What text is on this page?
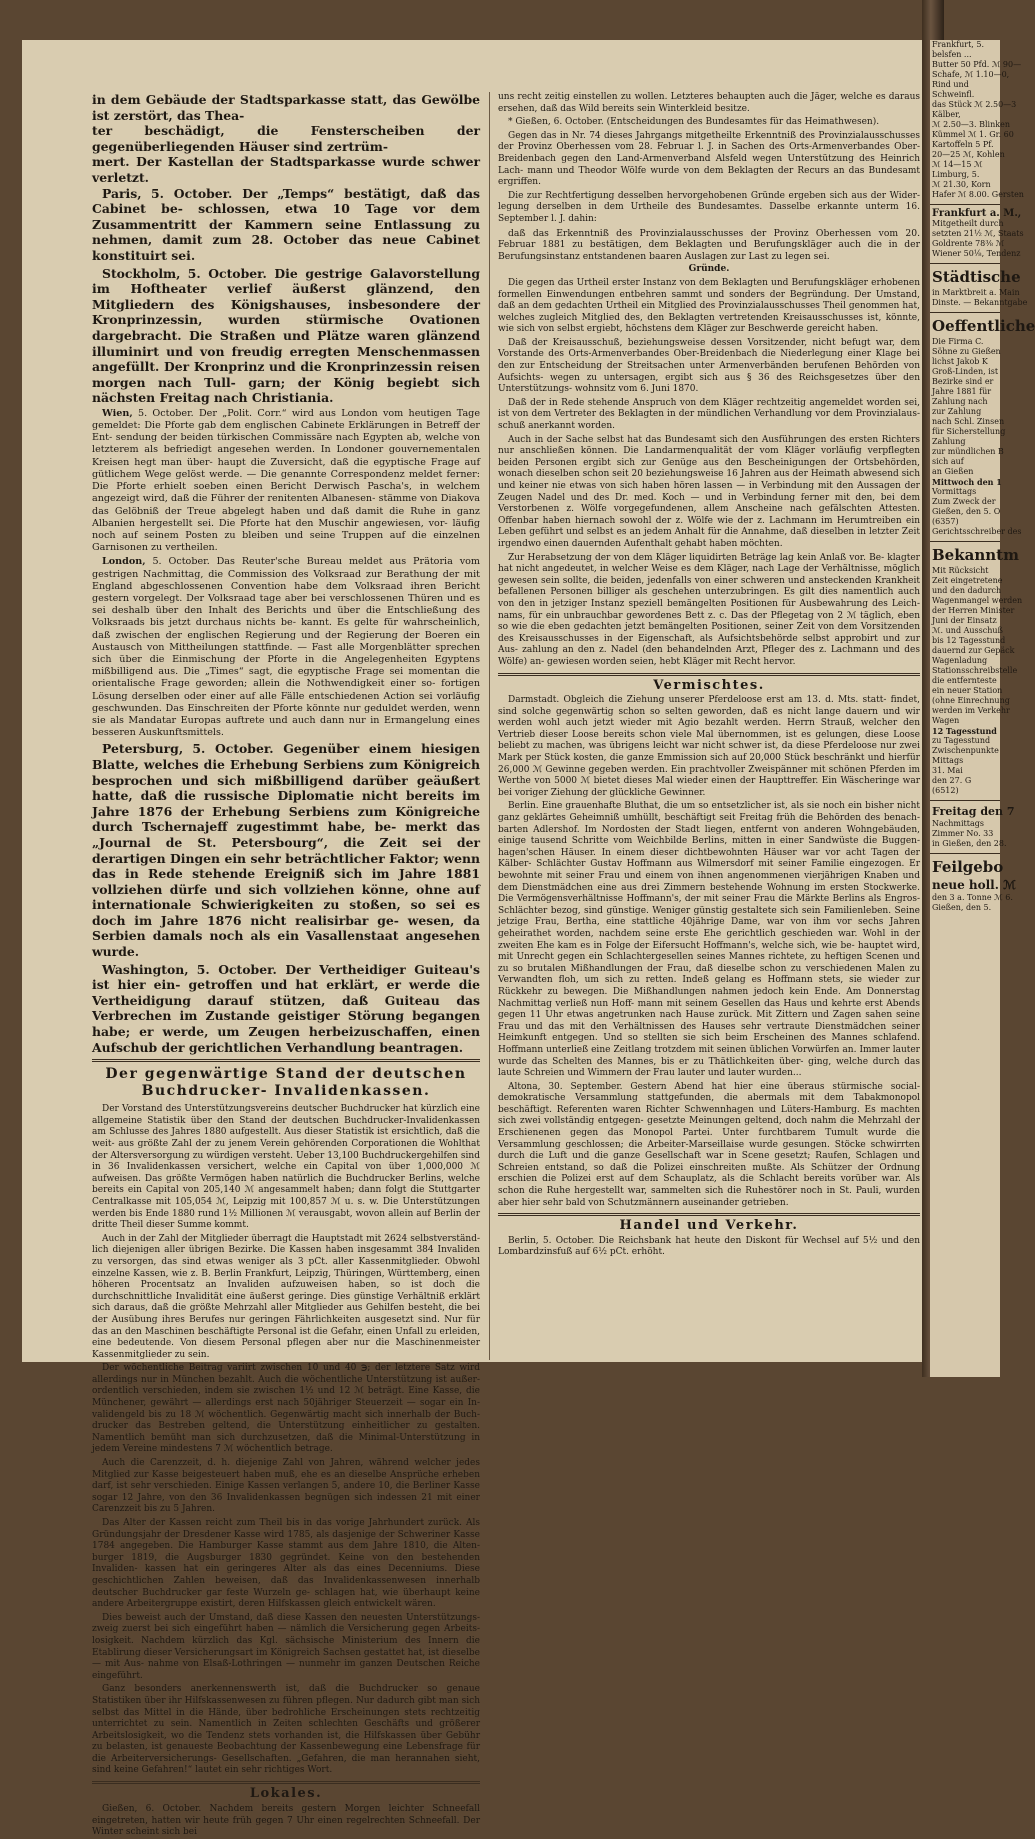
in dem Gebäude der Stadtsparkasse statt, das Gewölbe ist zerstört, das Thea-
ter beschädigt, die Fensterscheiben der gegenüberliegenden Häuser sind zertrüm-
mert. Der Kastellan der Stadtsparkasse wurde schwer verletzt.

Paris, 5. October. Der „Temps“ bestätigt, daß das Cabinet be- schlossen, etwa 10 Tage vor dem Zusammentritt der Kammern seine Entlassung zu nehmen, damit zum 28. October das neue Cabinet konstituirt sei.

Stockholm, 5. October. Die gestrige Galavorstellung im Hoftheater verlief äußerst glänzend, den Mitgliedern des Königshauses, insbesondere der Kronprinzessin, wurden stürmische Ovationen dargebracht. Die Straßen und Plätze waren glänzend illuminirt und von freudig erregten Menschenmassen angefüllt. Der Kronprinz und die Kronprinzessin reisen morgen nach Tull- garn; der König begiebt sich nächsten Freitag nach Christiania.

Wien, 5. October. Der „Polit. Corr.“ wird aus London vom heutigen Tage gemeldet: Die Pforte gab dem englischen Cabinete Erklärungen in Betreff der Ent- sendung der beiden türkischen Commissäre nach Egypten ab, welche von letzterem als befriedigt angesehen werden. In Londoner gouvernementalen Kreisen hegt man über- haupt die Zuversicht, daß die egyptische Frage auf gütlichem Wege gelöst werde. — Die genannte Correspondenz meldet ferner: Die Pforte erhielt soeben einen Bericht Derwisch Pascha's, in welchem angezeigt wird, daß die Führer der renitenten Albanesen- stämme von Diakova das Gelöbniß der Treue abgelegt haben und daß damit die Ruhe in ganz Albanien hergestellt sei. Die Pforte hat den Muschir angewiesen, vor- läufig noch auf seinem Posten zu bleiben und seine Truppen auf die einzelnen Garnisonen zu vertheilen.

London, 5. October. Das Reuter'sche Bureau meldet aus Prätoria vom gestrigen Nachmittag, die Commission des Volksraad zur Berathung der mit England abgeschlossenen Convention habe dem Volksraad ihren Bericht gestern vorgelegt. Der Volksraad tage aber bei verschlossenen Thüren und es sei deshalb über den Inhalt des Berichts und über die Entschließung des Volksraads bis jetzt durchaus nichts be- kannt. Es gelte für wahrscheinlich, daß zwischen der englischen Regierung und der Regierung der Boeren ein Austausch von Mittheilungen stattfinde. — Fast alle Morgenblätter sprechen sich über die Einmischung der Pforte in die Angelegenheiten Egyptens mißbilligend aus. Die „Times“ sagt, die egyptische Frage sei momentan die orientalische Frage geworden; allein die Nothwendigkeit einer so- fortigen Lösung derselben oder einer auf alle Fälle entschiedenen Action sei vorläufig geschwunden. Das Einschreiten der Pforte könnte nur geduldet werden, wenn sie als Mandatar Europas auftrete und auch dann nur in Ermangelung eines besseren Auskunftsmittels.

Petersburg, 5. October. Gegenüber einem hiesigen Blatte, welches die Erhebung Serbiens zum Königreich besprochen und sich mißbilligend darüber geäußert hatte, daß die russische Diplomatie nicht bereits im Jahre 1876 der Erhebung Serbiens zum Königreiche durch Tschernajeff zugestimmt habe, be- merkt das „Journal de St. Petersbourg“, die Zeit sei der derartigen Dingen ein sehr beträchtlicher Faktor; wenn das in Rede stehende Ereigniß sich im Jahre 1881 vollziehen dürfe und sich vollziehen könne, ohne auf internationale Schwierigkeiten zu stoßen, so sei es doch im Jahre 1876 nicht realisirbar ge- wesen, da Serbien damals noch als ein Vasallenstaat angesehen wurde.

Washington, 5. October. Der Vertheidiger Guiteau's ist hier ein- getroffen und hat erklärt, er werde die Vertheidigung darauf stützen, daß Guiteau das Verbrechen im Zustande geistiger Störung begangen habe; er werde, um Zeugen herbeizuschaffen, einen Aufschub der gerichtlichen Verhandlung beantragen.

Der gegenwärtige Stand der deutschen Buchdrucker- Invalidenkassen.

Der Vorstand des Unterstützungsvereins deutscher Buchdrucker hat kürzlich eine allgemeine Statistik über den Stand der deutschen Buchdrucker-Invalidenkassen am Schlusse des Jahres 1880 aufgestellt. Aus dieser Statistik ist ersichtlich, daß die weit- aus größte Zahl der zu jenem Verein gehörenden Corporationen die Wohlthat der Altersversorgung zu würdigen versteht. Ueber 13,100 Buchdruckergehilfen sind in 36 Invalidenkassen versichert, welche ein Capital von über 1,000,000 ℳ aufweisen. Das größte Vermögen haben natürlich die Buchdrucker Berlins, welche bereits ein Capital von 205,140 ℳ angesammelt haben; dann folgt die Stuttgarter Centralkasse mit 105,054 ℳ, Leipzig mit 100,857 ℳ u. s. w. Die Unterstützungen werden bis Ende 1880 rund 1½ Millionen ℳ verausgabt, wovon allein auf Berlin der dritte Theil dieser Summe kommt.

Auch in der Zahl der Mitglieder überragt die Hauptstadt mit 2624 selbstverständ- lich diejenigen aller übrigen Bezirke. Die Kassen haben insgesammt 384 Invaliden zu versorgen, das sind etwas weniger als 3 pCt. aller Kassenmitglieder. Obwohl einzelne Kassen, wie z. B. Berlin Frankfurt, Leipzig, Thüringen, Württemberg, einen höheren Procentsatz an Invaliden aufzuweisen haben, so ist doch die durchschnittliche Invalidität eine äußerst geringe. Dies günstige Verhältniß erklärt sich daraus, daß die größte Mehrzahl aller Mitglieder aus Gehilfen besteht, die bei der Ausübung ihres Berufes nur geringen Fährlichkeiten ausgesetzt sind. Nur für das an den Maschinen beschäftigte Personal ist die Gefahr, einen Unfall zu erleiden, eine bedeutende. Von diesem Personal pflegen aber nur die Maschinenmeister Kassenmitglieder zu sein.

Der wöchentliche Beitrag variirt zwischen 10 und 40 ℈; der letztere Satz wird allerdings nur in München bezahlt. Auch die wöchentliche Unterstützung ist außer- ordentlich verschieden, indem sie zwischen 1½ und 12 ℳ beträgt. Eine Kasse, die Münchener, gewährt — allerdings erst nach 50jähriger Steuerzeit — sogar ein In- validengeld bis zu 18 ℳ wöchentlich. Gegenwärtig macht sich innerhalb der Buch- drucker das Bestreben geltend, die Unterstützung einheitlicher zu gestalten. Namentlich bemüht man sich durchzusetzen, daß die Minimal-Unterstützung in jedem Vereine mindestens 7 ℳ wöchentlich betrage.

Auch die Carenzzeit, d. h. diejenige Zahl von Jahren, während welcher jedes Mitglied zur Kasse beigesteuert haben muß, ehe es an dieselbe Ansprüche erheben darf, ist sehr verschieden. Einige Kassen verlangen 5, andere 10, die Berliner Kasse sogar 12 Jahre, von den 36 Invalidenkassen begnügen sich indessen 21 mit einer Carenzzeit bis zu 5 Jahren.

Das Alter der Kassen reicht zum Theil bis in das vorige Jahrhundert zurück. Als Gründungsjahr der Dresdener Kasse wird 1785, als dasjenige der Schweriner Kasse 1784 angegeben. Die Hamburger Kasse stammt aus dem Jahre 1810, die Alten- burger 1819, die Augsburger 1830 gegründet. Keine von den bestehenden Invaliden- kassen hat ein geringeres Alter als das eines Decenniums. Diese geschichtlichen Zahlen beweisen, daß das Invalidenkassenwesen innerhalb deutscher Buchdrucker gar feste Wurzeln ge- schlagen hat, wie überhaupt keine andere Arbeitergruppe existirt, deren Hilfskassen gleich entwickelt wären.

Dies beweist auch der Umstand, daß diese Kassen den neuesten Unterstützungs- zweig zuerst bei sich eingeführt haben — nämlich die Versicherung gegen Arbeits- losigkeit. Nachdem kürzlich das Kgl. sächsische Ministerium des Innern die Etablirung dieser Versicherungsart im Königreich Sachsen gestattet hat, ist dieselbe — mit Aus- nahme von Elsaß-Lothringen — nunmehr im ganzen Deutschen Reiche eingeführt.

Ganz besonders anerkennenswerth ist, daß die Buchdrucker so genaue Statistiken über ihr Hilfskassenwesen zu führen pflegen. Nur dadurch gibt man sich selbst das Mittel in die Hände, über bedrohliche Erscheinungen stets rechtzeitig unterrichtet zu sein. Namentlich in Zeiten schlechten Geschäfts und größerer Arbeitslosigkeit, wo die Tendenz stets vorhanden ist, die Hilfskassen über Gebühr zu belasten, ist genaueste Beobachtung der Kassenbewegung eine Lebensfrage für die Arbeiterversicherungs- Gesellschaften. „Gefahren, die man herannahen sieht, sind keine Gefahren!“ lautet ein sehr richtiges Wort.

Lokales.

Gießen, 6. October. Nachdem bereits gestern Morgen leichter Schneefall eingetreten, hatten wir heute früh gegen 7 Uhr einen regelrechten Schneefall. Der Winter scheint sich bei

uns recht zeitig einstellen zu wollen. Letzteres behaupten auch die Jäger, welche es daraus ersehen, daß das Wild bereits sein Winterkleid besitze.

* Gießen, 6. October. (Entscheidungen des Bundesamtes für das Heimathwesen).

Gegen das in Nr. 74 dieses Jahrgangs mitgetheilte Erkenntniß des Provinzialausschusses der Provinz Oberhessen vom 28. Februar l. J. in Sachen des Orts-Armenverbandes Ober- Breidenbach gegen den Land-Armenverband Alsfeld wegen Unterstützung des Heinrich Lach- mann und Theodor Wölfe wurde von dem Beklagten der Recurs an das Bundesamt ergriffen.

Die zur Rechtfertigung desselben hervorgehobenen Gründe ergeben sich aus der Wider- legung derselben in dem Urtheile des Bundesamtes. Dasselbe erkannte unterm 16. September l. J. dahin:

daß das Erkenntniß des Provinzialausschusses der Provinz Oberhessen vom 20. Februar 1881 zu bestätigen, dem Beklagten und Berufungskläger auch die in der Berufungsinstanz entstandenen baaren Auslagen zur Last zu legen sei.

Gründe.

Die gegen das Urtheil erster Instanz von dem Beklagten und Berufungskläger erhobenen formellen Einwendungen entbehren sammt und sonders der Begründung. Der Umstand, daß an dem gedachten Urtheil ein Mitglied des Provinzialausschusses Theil genommen hat, welches zugleich Mitglied des, den Beklagten vertretenden Kreisausschusses ist, könnte, wie sich von selbst ergiebt, höchstens dem Kläger zur Beschwerde gereicht haben.

Daß der Kreisausschuß, beziehungsweise dessen Vorsitzender, nicht befugt war, dem Vorstande des Orts-Armenverbandes Ober-Breidenbach die Niederlegung einer Klage bei den zur Entscheidung der Streitsachen unter Armenverbänden berufenen Behörden von Aufsichts- wegen zu untersagen, ergibt sich aus § 36 des Reichsgesetzes über den Unterstützungs- wohnsitz vom 6. Juni 1870.

Daß der in Rede stehende Anspruch von dem Kläger rechtzeitig angemeldet worden sei, ist von dem Vertreter des Beklagten in der mündlichen Verhandlung vor dem Provinzialaus- schuß anerkannt worden.

Auch in der Sache selbst hat das Bundesamt sich den Ausführungen des ersten Richters nur anschließen können. Die Landarmenqualität der vom Kläger vorläufig verpflegten beiden Personen ergibt sich zur Genüge aus den Bescheinigungen der Ortsbehörden, wonach dieselben schon seit 20 beziehungsweise 16 Jahren aus der Heimath abwesend sich und keiner nie etwas von sich haben hören lassen — in Verbindung mit den Aussagen der Zeugen Nadel und des Dr. med. Koch — und in Verbindung ferner mit den, bei dem Verstorbenen z. Wölfe vorgegefundenen, allem Anscheine nach gefälschten Attesten. Offenbar haben hiernach sowohl der z. Wölfe wie der z. Lachmann im Herumtreiben ein Leben geführt und selbst es an jedem Anhalt für die Annahme, daß dieselben in letzter Zeit irgendwo einen dauernden Aufenthalt gehabt haben möchten.

Zur Herabsetzung der von dem Kläger liquidirten Beträge lag kein Anlaß vor. Be- klagter hat nicht angedeutet, in welcher Weise es dem Kläger, nach Lage der Verhältnisse, möglich gewesen sein sollte, die beiden, jedenfalls von einer schweren und ansteckenden Krankheit befallenen Personen billiger als geschehen unterzubringen. Es gilt dies namentlich auch von den in jetziger Instanz speziell bemängelten Positionen für Ausbewahrung des Leich- nams, für ein unbrauchbar gewordenes Bett z. c. Das der Pflegetag von 2 ℳ täglich, eben so wie die eben gedachten jetzt bemängelten Positionen, seiner Zeit von dem Vorsitzenden des Kreisausschusses in der Eigenschaft, als Aufsichtsbehörde selbst approbirt und zur Aus- zahlung an den z. Nadel (den behandelnden Arzt, Pfleger des z. Lachmann und des Wölfe) an- gewiesen worden seien, hebt Kläger mit Recht hervor.

Vermischtes.

Darmstadt. Obgleich die Ziehung unserer Pferdeloose erst am 13. d. Mts. statt- findet, sind solche gegenwärtig schon so selten geworden, daß es nicht lange dauern und wir werden wohl auch jetzt wieder mit Agio bezahlt werden. Herrn Strauß, welcher den Vertrieb dieser Loose bereits schon viele Mal übernommen, ist es gelungen, diese Loose beliebt zu machen, was übrigens leicht war nicht schwer ist, da diese Pferdeloose nur zwei Mark per Stück kosten, die ganze Emmission sich auf 20,000 Stück beschränkt und hierfür 26,000 ℳ Gewinne gegeben werden. Ein prachtvoller Zweispänner mit schönen Pferden im Werthe von 5000 ℳ bietet dieses Mal wieder einen der Haupttreffer. Ein Wäscheringe war bei voriger Ziehung der glückliche Gewinner.

Berlin. Eine grauenhafte Bluthat, die um so entsetzlicher ist, als sie noch ein bisher nicht ganz geklärtes Geheimniß umhüllt, beschäftigt seit Freitag früh die Behörden des benach- barten Adlershof. Im Nordosten der Stadt liegen, entfernt von anderen Wohngebäuden, einige tausend Schritte vom Weichbilde Berlins, mitten in einer Sandwüste die Buggen- hagen'schen Häuser. In einem dieser dichtbewohnten Häuser war vor acht Tagen der Kälber- Schlächter Gustav Hoffmann aus Wilmersdorf mit seiner Familie eingezogen. Er bewohnte mit seiner Frau und einem von ihnen angenommenen vierjährigen Knaben und dem Dienstmädchen eine aus drei Zimmern bestehende Wohnung im ersten Stockwerke. Die Vermögensverhältnisse Hoffmann's, der mit seiner Frau die Märkte Berlins als Engros-Schlächter bezog, sind günstige. Weniger günstig gestaltete sich sein Familienleben. Seine jetzige Frau, Bertha, eine stattliche 40jährige Dame, war von ihm vor sechs Jahren geheirathet worden, nachdem seine erste Ehe gerichtlich geschieden war. Wohl in der zweiten Ehe kam es in Folge der Eifersucht Hoffmann's, welche sich, wie be- hauptet wird, mit Unrecht gegen ein Schlachtergesellen seines Mannes richtete, zu heftigen Scenen und zu so brutalen Mißhandlungen der Frau, daß dieselbe schon zu verschiedenen Malen zu Verwandten floh, um sich zu retten. Indeß gelang es Hoffmann stets, sie wieder zur Rückkehr zu bewegen. Die Mißhandlungen nahmen jedoch kein Ende. Am Donnerstag Nachmittag verließ nun Hoff- mann mit seinem Gesellen das Haus und kehrte erst Abends gegen 11 Uhr etwas angetrunken nach Hause zurück. Mit Zittern und Zagen sahen seine Frau und das mit den Verhältnissen des Hauses sehr vertraute Dienstmädchen seiner Heimkunft entgegen. Und so stellten sie sich beim Erscheinen des Mannes schlafend. Hoffmann unterließ eine Zeitlang trotzdem mit seinen üblichen Vorwürfen an. Immer lauter wurde das Schelten des Mannes, bis er zu Thätlichkeiten über- ging, welche durch das laute Schreien und Wimmern der Frau lauter und lauter wurden...

Altona, 30. September. Gestern Abend hat hier eine überaus stürmische social- demokratische Versammlung stattgefunden, die abermals mit dem Tabakmonopol beschäftigt. Referenten waren Richter Schwennhagen und Lüters-Hamburg. Es machten sich zwei vollständig entgegen- gesetzte Meinungen geltend, doch nahm die Mehrzahl der Erschienenen gegen das Monopol Partei. Unter furchtbarem Tumult wurde die Versammlung geschlossen; die Arbeiter-Marseillaise wurde gesungen. Stöcke schwirrten durch die Luft und die ganze Gesellschaft war in Scene gesetzt; Raufen, Schlagen und Schreien entstand, so daß die Polizei einschreiten mußte. Als Schützer der Ordnung erschien die Polizei erst auf dem Schauplatz, als die Schlacht bereits vorüber war. Als schon die Ruhe hergestellt war, sammelten sich die Ruhestörer noch in St. Pauli, wurden aber hier sehr bald von Schutzmännern auseinander getrieben.

Handel und Verkehr.

Berlin, 5. October. Die Reichsbank hat heute den Diskont für Wechsel auf 5½ und den Lombardzinsfuß auf 6½ pCt. erhöht.

Frankfurt, 5.
belsfen ...
Butter 50 Pfd. ℳ 90—
Schafe, ℳ 1.10—0,
Rind und
Schweinfl.
das Stück ℳ 2.50—3
Kälber,
ℳ 2.50—3. Blinken
Kümmel ℳ 1. Gr. 60
Kartoffeln 5 Pf.
20—25 ℳ, Kohlen
ℳ 14—15 ℳ
Limburg, 5.
ℳ 21.30, Korn
Hafer ℳ 8.00. Gersten
Frankfurt a. M.,
Mitgetheilt durch
setzten 21½ ℳ, Staats
Goldrente 78⅜ ℳ
Wiener 50⅛, Tendenz
Städtische
in Marktbreit a. Main
Dinste. — Bekanntgabe
Oeffentliche
Die Firma C.
Söhne zu Gießen
lichst Jakob K
Groß-Linden, ist
Bezirke sind er
Jahre 1881 für
Zahlung nach
zur Zahlung
nach Schl. Zinsen
für Sicherstellung
Zahlung
zur mündlichen B
sich auf
an Gießen
Mittwoch den 1
Vormittags
Zum Zweck der
Gießen, den 5. O
(6357)
Gerichtsschreiber des
Bekanntm
Mit Rücksicht
Zeit eingetretene
und den dadurch
Wagenmangel werden
der Herren Minister
Juni der Einsatz
ℳ. und Ausschuß
bis 12 Tagesstund
dauernd zur Gepäck
Wagenladung
Stationsschreibstelle
die entfernteste
ein neuer Station
(ohne Einrechnung
werden im Verkehr
Wagen
12 Tagesstund
zu Tagesstund
Zwischenpunkte
Mittags
31. Mai
den 27. G
(6512)
Freitag den 7
Nachmittags
Zimmer No. 33
in Gießen, den 28.
Feilgebo
neue holl. ℳ
den 3 a. Tonne ℳ 6.
Gießen, den 5.
